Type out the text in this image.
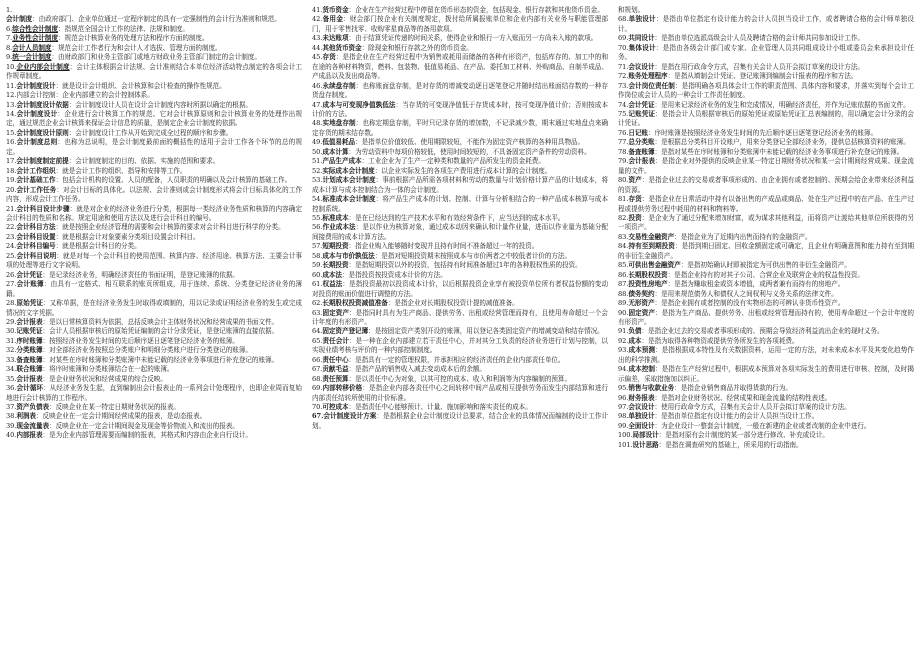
1.

会计制度：由政府部门、企业单位通过一定程序制定的具有一定强制性的会计行为准则和规范。

6.综合性会计制度：指规范全国会计工作的法律、法规和制度。

7.业务性会计制度：规范会计核算业务的处理方法和程序方面的制度。

8.会计人员制度：规范会计工作者行为和会计人才选拔、管理方面的制度。

9.统一会计制度：由财政部门和业务主管部门或地方财政业务主管部门制定的会计制度。

10.企业内部会计制度：会计主体根据会计法规、会计准则结合本单位经济活动特点制定的各项会计工作规章制度。

11.会计制度设计：就是设计会计组织、会计核算和会计检查的操作性规范。

12.内部会计控制：企业内部建立的会计控制体系。

13.会计制度设计依据：会计制度设计人员在设计会计制度内容时所据以确定的根据。

14.会计制度设计：企业进行会计核算工作的规范。它对会计核算原则和会计核算业务的处理作出规定，通过规范企业会计核算来保证会计信息的质量，是制定企业会计制度的依据。

15.会计制度设计原则：会计制度设计工作从开始到完成全过程的顺序和步骤。

16.会计制度总则：也称为总说明，是会计制度最前面的概括性的适用于会计工作各个环节的总的规定。

17.会计制度制定前提：会计制度制定的目的、依据、实施的范围和要求。

18.会计工作组织：就是会计工作的组织、指导和安排等工作。

19.会计基础工作：包括会计机构的设置、人员的配备，人员职责的明确以及会计核算的基础工作。

20.会计工作任务：对会计目标的具体化。以法规、会计准则或会计制度形式将会计目标具体化的工作内容，形成会计工作任务。

21.会计科目设计步骤：就是对企业的经济业务进行分类，根据每一类经济业务性质和核算的内容确定会计科目的性质和名称。规定用途和使用方法以及进行会计科目的编号。

22.会计科目方法：就是按照企业经济管理的需要和会计核算的要求对会计科目进行科学的分类。

23.会计科目设置：就是根据会计对象要素分类项目设置会计科目。

24.会计科目编号：就是根据会计科目的分类。

25.会计科目说明：就是对每一个会计科目的使用范围、核算内容、经济用途、核算方法、主要会计事项的处理等进行文字说明。

26.会计凭证：是记录经济业务，明确经济责任的书面证明，是登记账簿的依据。

27.会计账簿：由具有一定格式、相互联系的账页所组成，用于连续、系统、分类登记经济业务的簿籍。

28.原始凭证：又称单据，是在经济业务发生时取得或填制的，用以记录或证明经济业务的发生或完成情况的文字凭据。

29.会计报表：是以日常核算资料为依据，总括反映会计主体财务状况和经营成果的书面文件。

30.记账凭证：会计人员根据审核后的原始凭证编制的会计分录凭证，是登记账簿的直接依据。

31.序时账簿：按照经济业务发生时间的先后顺序逐日逐笔登记经济业务的账簿。

32.分类账簿：对全部经济业务按照总分类账户和明细分类账户进行分类登记的账簿。

33.备查账簿：对某些在序时账簿和分类账簿中未能记载的经济业务事项进行补充登记的账簿。

34.联合账簿：将序时账簿和分类账簿结合在一起的账簿。

35.会计报表：是企业财务状况和经营成果的综合反映。

36.会计循环：从经济业务发生起，直到编制出会计报表止的一系列会计处理程序，也即企业周而复始地进行会计核算的工作程序。

37.资产负债表：反映企业在某一特定日期财务状况的报表。

38.利润表：反映企业在一定会计期间经营成果的报表，是动态报表。

39.现金流量表：反映企业在一定会计期间现金及现金等价物流入和流出的报表。

40.内部报表：是为企业内部管理需要而编制的报表，其格式和内容由企业自行设计。

41.货币资金：企业在生产经营过程中停留在货币形态的资金，包括现金、银行存款和其他货币资金。

42.备用金：财会部门按企业有关制度规定，拨付给所属报账单位和企业内部有关业务与职能管理部门，用于零售找零、收购零星商品等的备用款项。

43.未达账项：由于结算凭证传递的时间关系，使得企业和银行一方入账而另一方尚未入账的款项。

44.其他货币资金：除现金和银行存款之外的货币资金。

45.存货：是指企业在生产经营过程中为销售或耗用而储备的各种有形资产，包括库存的、加工中的和在途的各种材料物资，燃料、包装物、低值易耗品、在产品、委托加工材料、外购商品、自制半成品、产成品以及发出商品等。

46.永续盘存制：也称账面盘存制，是对存货的增减变动逐日逐笔登记并随时结出账面结存数的一种存货盘存制度。

47.成本与可变现净值孰低法：当存货的可变现净值低于存货成本时，按可变现净值计价；否则按成本计价的方法。

48.实地盘存制：也称定期盘存制，平时只记录存货的增加数，不记录减少数，期末通过实地盘点来确定存货的期末结存数。

49.低值易耗品：是指单位价值较低、使用期限较短，不能作为固定资产核算的各种用具物品。

50.成本计算：为劳动资料中每项价格较低，使用时间较短的，不具备固定资产条件的劳动资料。

51.产品生产成本：工业企业为了生产一定种类和数量的产品所发生的资金耗费。

52.实际成本会计制度：以企业实际发生的各项生产费用进行成本计算的会计制度。

53.计划成本会计制度：事前根据产品所需各项材料和劳动的数量与计划价格计算产品的计划成本，将成本计算与成本控制结合为一体的会计制度。

54.标准成本会计制度：将产品生产成本的计划、控制、计算与分析相结合的一种产品成本核算与成本控制系统。

55.标准成本：是在已经达到的生产技术水平和有效经营条件下，应当达到的成本水平。

56.作业成本法：是以作业为核算对象，通过成本动因来确认和计量作业量，进而以作业量为基础分配间接费用的成本计算方法。

57.短期投资：指企业购入能够随时变现并且持有时间不准备超过一年的投资。

58.成本与市价孰低法：是指对短期投资期末按照成本与市价两者之中较低者计价的方法。

59.长期投资：是指短期投资以外的投资，包括持有时间准备超过1年的各种股权性质的投资。

60.成本法：是指投资按投资成本计价的方法。

61.权益法：是指投资最初以投资成本计价，以后根据投资企业享有被投资单位所有者权益份额的变动对投资的账面价值进行调整的方法。

62.长期股权投资减值准备：是指企业对长期股权投资计提的减值准备。

63.固定资产：是指同时具有为生产商品、提供劳务、出租或经营管理而持有，且使用寿命超过一个会计年度的有形资产。

64.固定资产登记簿：是按固定资产类别开设的账簿，用以登记各类固定资产的增减变动和结存情况。

65.责任会计：是一种在企业内部建立若干责任中心，并对其分工负责的经济业务进行计划与控制，以实现业绩考核与评价的一种内部控制制度。

66.责任中心：是指具有一定的管理权限，并承担相应的经济责任的企业内部责任单位。

67.贡献毛益：是指产品的销售收入减去变动成本后的余额。

68.责任预算：是以责任中心为对象，以其可控的成本、收入和利润等为内容编制的预算。

69.内部转移价格：是指企业内部各责任中心之间转移中间产品或相互提供劳务而发生内部结算和进行内部责任结转所使用的计价标准。

70.可控成本：是指责任中心能够预计、计量、施加影响和落实责任的成本。

67.会计制度设计方案：是指根据企业会计制度设计总要求，结合企业的具体情况而编制的设计工作计划。

和规划。

68.单独设计：是指由单位指定有设计能力的会计人员担当设计工作，或者聘请合格的会计师单独设计。

69.共同设计：是指由单位选派高级会计人员及聘请合格的会计师共同参加设计工作。

70.集体设计：是指由各级会计部门或专家、企业管理人员共同组成设计小组或委员会来承担设计任务。

71.会议设计：是指在用行政命令方式，召集有关会计人员开会拟订草案的设计方法。

72.账务处理程序：是指从填制会计凭证、登记账簿到编制会计报表的程序和方法。

73.会计岗位责任制：是指明确各项具体会计工作的职责范围、具体内容和要求，并落实到每个会计工作岗位或会计人员的一种会计工作责任制度。

74.会计凭证：是用来记录经济业务的发生和完成情况，明确经济责任，并作为记账依据的书面文件。

75.记账凭证：是指会计人员根据审核后的原始凭证或原始凭证汇总表编制的，用以确定会计分录的会计凭证。

76.日记账：序时账簿是按照经济业务发生时间的先后顺序逐日逐笔登记经济业务的账簿。

77.总分类账：是根据总分类科目开设账户，用来分类登记全部经济业务，提供总括核算资料的账簿。

78.备查账簿：是指对某些在序时账簿和分类账簿中未能记载的经济业务事项进行补充登记的账簿。

79.会计报表：是指企业对外提供的反映企业某一特定日期财务状况和某一会计期间经营成果、现金流量的文件。

80.资产：是指企业过去的交易或者事项形成的、由企业拥有或者控制的、预期会给企业带来经济利益的资源。

81.存货：是指企业在日常活动中持有以备出售的产成品或商品、处在生产过程中的在产品、在生产过程或提供劳务过程中耗用的材料和物料等。

82.投资：是企业为了通过分配来增加财富，或为谋求其他利益，而将资产让渡给其他单位所获得的另一项资产。

83.交易性金融资产：是指企业为了近期内出售而持有的金融资产。

84.持有至到期投资：是指到期日固定、回收金额固定或可确定，且企业有明确意图和能力持有至到期的非衍生金融资产。

85.可供出售金融资产：是指初始确认时即被指定为可供出售的非衍生金融资产。

86.长期股权投资：是指企业持有的对其子公司、合营企业及联营企业的权益性投资。

87.投资性房地产：是指为赚取租金或资本增值，或两者兼有而持有的房地产。

88.债务契约：是用来规范债务人和债权人之间权利与义务关系的法律文件。

89.无形资产：是指企业拥有或者控制的没有实物形态的可辨认非货币性资产。

90.固定资产：是指为生产商品、提供劳务、出租或经营管理而持有的，使用寿命超过一个会计年度的有形资产。

91.负债：是指企业过去的交易或者事项形成的、预期会导致经济利益流出企业的现时义务。

92.成本：是指为取得各种物资或提供劳务所发生的各项耗费。

93.成本预测：是指根据成本特性及有关数据资料，运用一定的方法，对未来成本水平及其变化趋势作出的科学推测。

94.成本控制：是指在生产经营过程中，根据成本预算对各项实际发生的费用进行审核、控制，及时揭示偏差，采取措施加以纠正。

95.销售与收款业务：是指企业销售商品并取得货款的行为。

96.财务报表：是指对企业财务状况、经营成果和现金流量的结构性表述。

97.会议设计：使用行政命令方式，召集有关会计人员开会拟订草案的设计方法。

98.单独设计：是指由单位指定有设计能力的会计人员担当设计工作。

99.全面设计：为企业设计一整套会计制度，一般在新建的企业或者改制的企业中进行。

100.局部设计：是指对原有会计制度的某一部分进行修改、补充或设计。

101.设计思路：是指在调查研究的基础上，所采用的行动指南。
